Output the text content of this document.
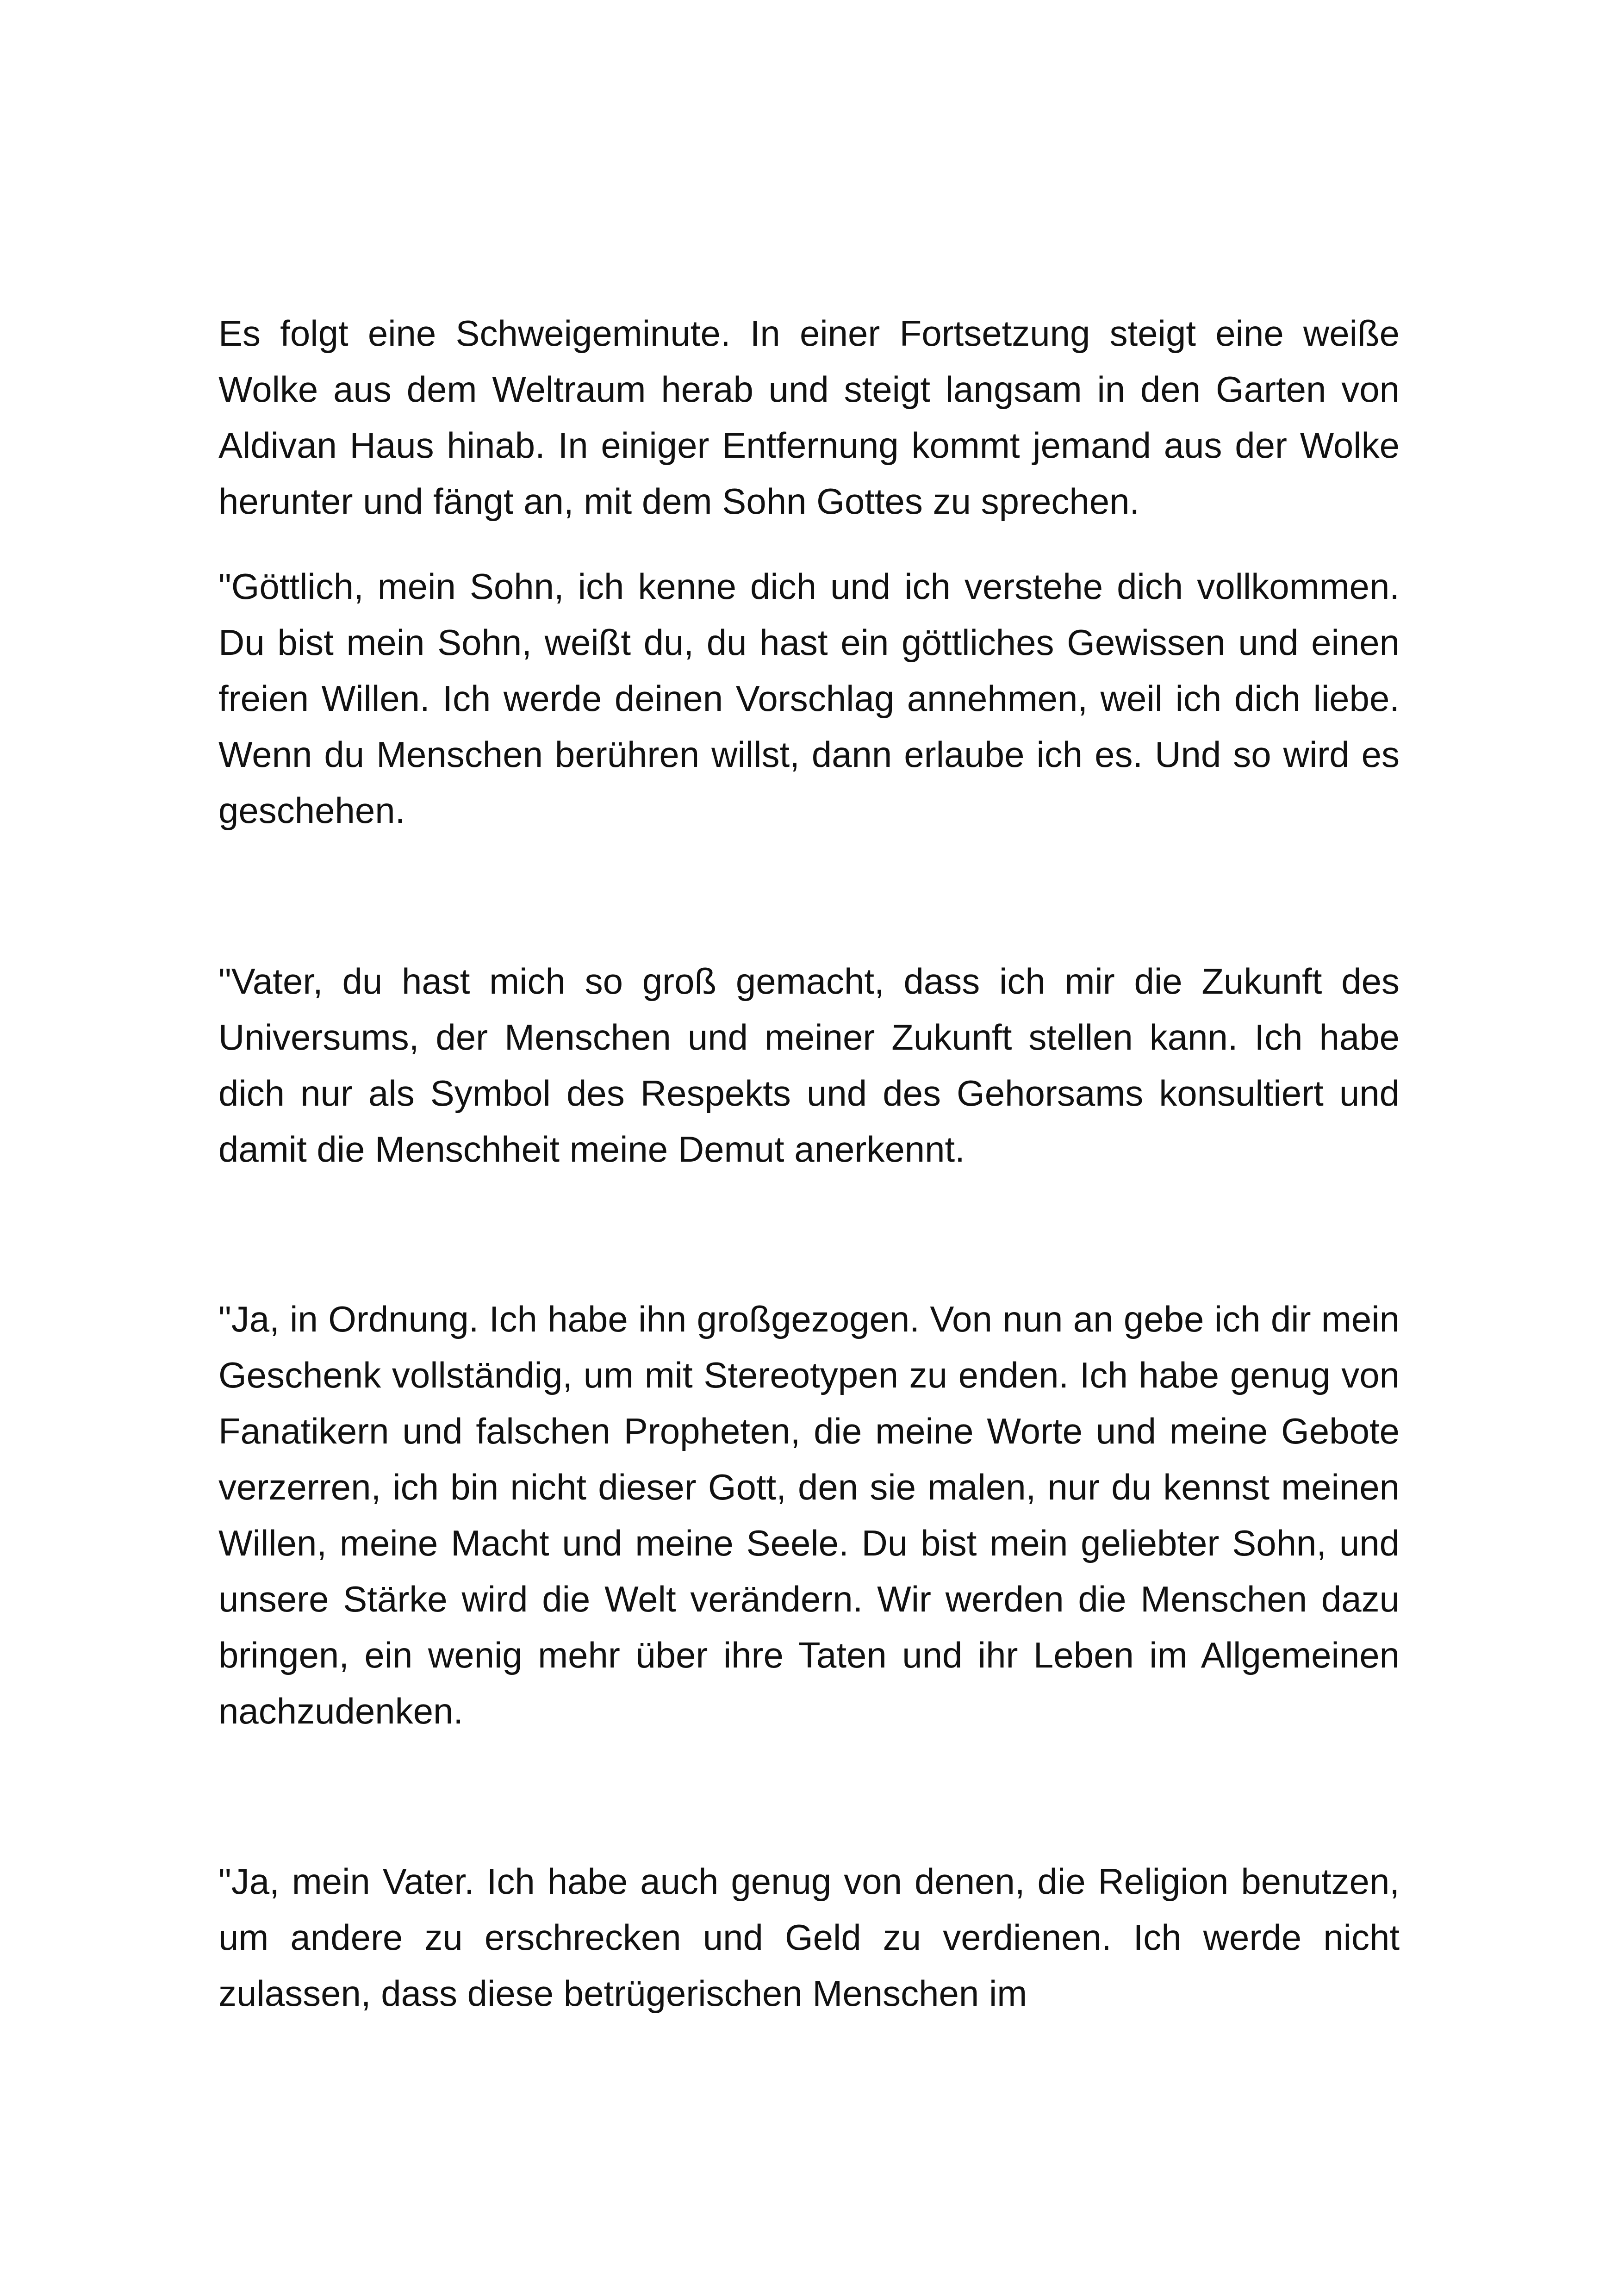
Es folgt eine Schweigeminute. In einer Fortsetzung steigt eine weiße Wolke aus dem Weltraum herab und steigt langsam in den Garten von Aldivan Haus hinab. In einiger Entfernung kommt jemand aus der Wolke herunter und fängt an, mit dem Sohn Gottes zu sprechen.

"Göttlich, mein Sohn, ich kenne dich und ich verstehe dich vollkommen. Du bist mein Sohn, weißt du, du hast ein göttliches Gewissen und einen freien Willen. Ich werde deinen Vorschlag annehmen, weil ich dich liebe. Wenn du Menschen berühren willst, dann erlaube ich es. Und so wird es geschehen.

"Vater, du hast mich so groß gemacht, dass ich mir die Zukunft des Universums, der Menschen und meiner Zukunft stellen kann. Ich habe dich nur als Symbol des Respekts und des Gehorsams konsultiert und damit die Menschheit meine Demut anerkennt.

"Ja, in Ordnung. Ich habe ihn großgezogen. Von nun an gebe ich dir mein Geschenk vollständig, um mit Stereotypen zu enden. Ich habe genug von Fanatikern und falschen Propheten, die meine Worte und meine Gebote verzerren, ich bin nicht dieser Gott, den sie malen, nur du kennst meinen Willen, meine Macht und meine Seele. Du bist mein geliebter Sohn, und unsere Stärke wird die Welt verändern. Wir werden die Menschen dazu bringen, ein wenig mehr über ihre Taten und ihr Leben im Allgemeinen nachzudenken.

"Ja, mein Vater. Ich habe auch genug von denen, die Religion benutzen, um andere zu erschrecken und Geld zu verdienen. Ich werde nicht zulassen, dass diese betrügerischen Menschen im
